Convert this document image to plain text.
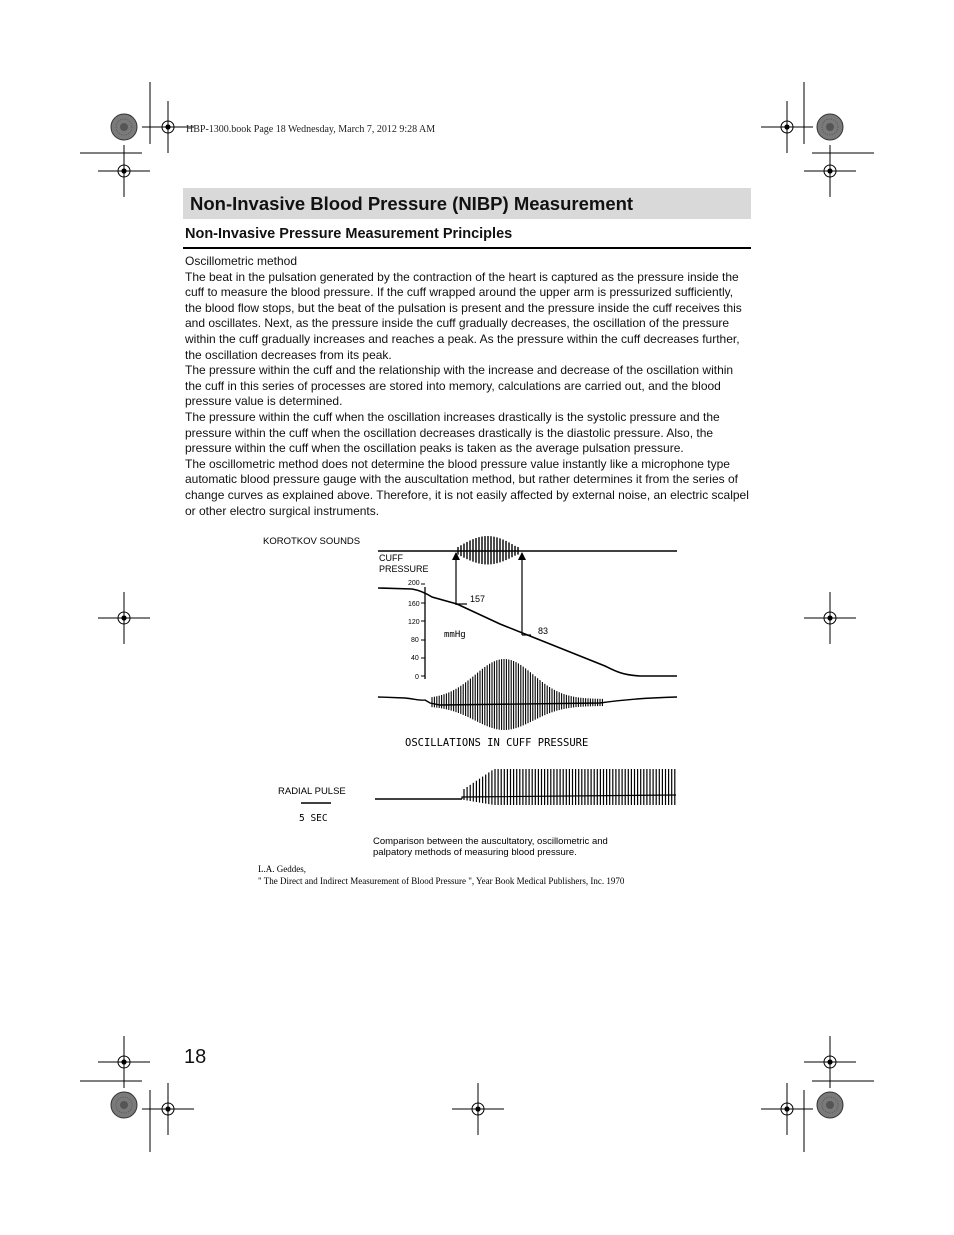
HBP-1300.book Page 18 Wednesday, March 7, 2012 9:28 AM
Non-Invasive Blood Pressure (NIBP) Measurement
Non-Invasive Pressure Measurement Principles

Oscillometric method

The beat in the pulsation generated by the contraction of the heart is captured as the pressure inside the cuff to measure the blood pressure. If the cuff wrapped around the upper arm is pressurized sufficiently, the blood flow stops, but the beat of the pulsation is present and the pressure inside the cuff receives this and oscillates. Next, as the pressure inside the cuff gradually decreases, the oscillation of the pressure within the cuff gradually increases and reaches a peak. As the pressure within the cuff decreases further, the oscillation decreases from its peak.

The pressure within the cuff and the relationship with the increase and decrease of the oscillation within the cuff in this series of processes are stored into memory, calculations are carried out, and the blood pressure value is determined.

The pressure within the cuff when the oscillation increases drastically is the systolic pressure and the pressure within the cuff when the oscillation decreases drastically is the diastolic pressure. Also, the pressure within the cuff when the oscillation peaks is taken as the average pulsation pressure.

The oscillometric method does not determine the blood pressure value instantly like a microphone type automatic blood pressure gauge with the auscultation method, but rather determines it from the series of change curves as explained above. Therefore, it is not easily affected by external noise, an electric scalpel or other electro surgical instruments.

KOROTKOV SOUNDS
CUFF
PRESSURE
200
160
120
80
40
0
mmHg
157
83
OSCILLATIONS IN CUFF PRESSURE
RADIAL PULSE
5 SEC
Comparison between the auscultatory, oscillometric and
palpatory methods of measuring blood pressure.
L.A. Geddes,
" The Direct and Indirect Measurement of Blood Pressure ", Year Book Medical Publishers, Inc. 1970
18
